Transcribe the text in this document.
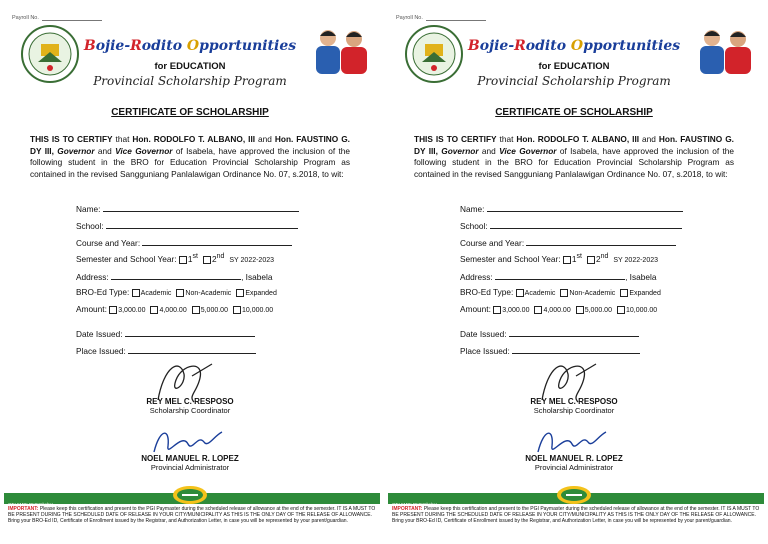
Payroll No.
Bojie-Rodito Opportunities
for EDUCATION
Provincial Scholarship Program
CERTIFICATE OF SCHOLARSHIP
THIS IS TO CERTIFY that Hon. RODOLFO T. ALBANO, III and Hon. FAUSTINO G. DY III, Governor and Vice Governor of Isabela, have approved the inclusion of the following student in the BRO for Education Provincial Scholarship Program as contained in the revised Sangguniang Panlalawigan Ordinance No. 07, s.2018, to wit:
Name:
School:
Course and Year:
Semester and School Year: 1st 2ndSY 2022-2023
Address:	, Isabela
BRO-Ed Type: Academic Non-Academic Expanded
Amount: 3,000.00 4,000.00 5,000.00 10,000.00
Date Issued:
Place Issued:
REY MEL C. RESPOSO
Scholarship Coordinator
NOEL MANUEL R. LOPEZ
Provincial Administrator
PTAXMPLRMKGhsbV
IMPORTANT: Please keep this certification and present to the PGI Paymaster during the scheduled release of allowance at the end of the semester. IT IS A MUST TO BE PRESENT DURING THE SCHEDULED DATE OF RELEASE IN YOUR CITY/MUNICIPALITY AS THIS IS THE ONLY DAY OF THE RELEASE OF ALLOWANCE. Bring your BRO-Ed ID, Certificate of Enrollment issued by the Registrar, and Authorization Letter, in case you will be represented by your parent/guardian.
Payroll No.
Bojie-Rodito Opportunities
for EDUCATION
Provincial Scholarship Program
CERTIFICATE OF SCHOLARSHIP
THIS IS TO CERTIFY that Hon. RODOLFO T. ALBANO, III and Hon. FAUSTINO G. DY III, Governor and Vice Governor of Isabela, have approved the inclusion of the following student in the BRO for Education Provincial Scholarship Program as contained in the revised Sangguniang Panlalawigan Ordinance No. 07, s.2018, to wit:
Name:
School:
Course and Year:
Semester and School Year: 1st 2ndSY 2022-2023
Address:	, Isabela
BRO-Ed Type: Academic Non-Academic Expanded
Amount: 3,000.00 4,000.00 5,000.00 10,000.00
Date Issued:
Place Issued:
REY MEL C. RESPOSO
Scholarship Coordinator
NOEL MANUEL R. LOPEZ
Provincial Administrator
PTAXMPLRMKGhsbV
IMPORTANT: Please keep this certification and present to the PGI Paymaster during the scheduled release of allowance at the end of the semester. IT IS A MUST TO BE PRESENT DURING THE SCHEDULED DATE OF RELEASE IN YOUR CITY/MUNICIPALITY AS THIS IS THE ONLY DAY OF THE RELEASE OF ALLOWANCE. Bring your BRO-Ed ID, Certificate of Enrollment issued by the Registrar, and Authorization Letter, in case you will be represented by your parent/guardian.
